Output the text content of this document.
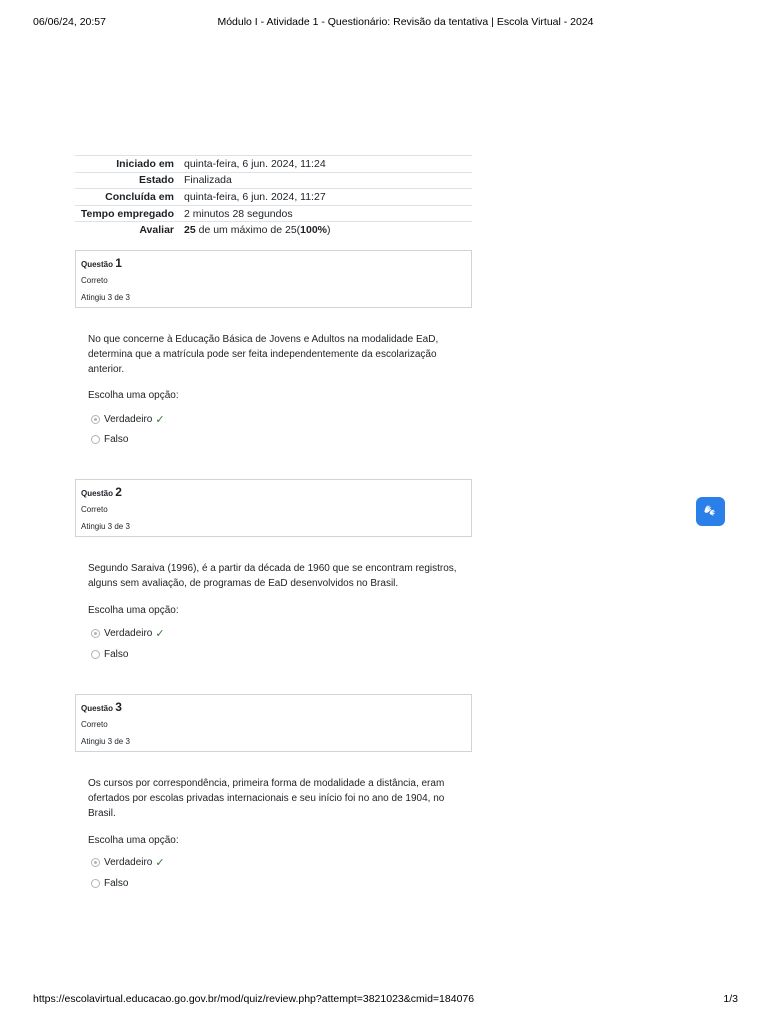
06/06/24, 20:57	Módulo I - Atividade 1 - Questionário: Revisão da tentativa | Escola Virtual - 2024
Iniciado em	quinta-feira, 6 jun. 2024, 11:24
Estado	Finalizada
Concluída em	quinta-feira, 6 jun. 2024, 11:27
Tempo empregado	2 minutos 28 segundos
Avaliar	25 de um máximo de 25(100%)
Questão 1
Correto
Atingiu 3 de 3
No que concerne à Educação Básica de Jovens e Adultos na modalidade EaD, determina que a matrícula pode ser feita independentemente da escolarização anterior.
Escolha uma opção:
Verdadeiro ✓
Falso
Questão 2
Correto
Atingiu 3 de 3
Segundo Saraiva (1996), é a partir da década de 1960 que se encontram registros, alguns sem avaliação, de programas de EaD desenvolvidos no Brasil.
Escolha uma opção:
Verdadeiro ✓
Falso
Questão 3
Correto
Atingiu 3 de 3
Os cursos por correspondência, primeira forma de modalidade a distância, eram ofertados por escolas privadas internacionais e seu início foi no ano de 1904, no Brasil.
Escolha uma opção:
Verdadeiro ✓
Falso
https://escolavirtual.educacao.go.gov.br/mod/quiz/review.php?attempt=3821023&cmid=184076	1/3
